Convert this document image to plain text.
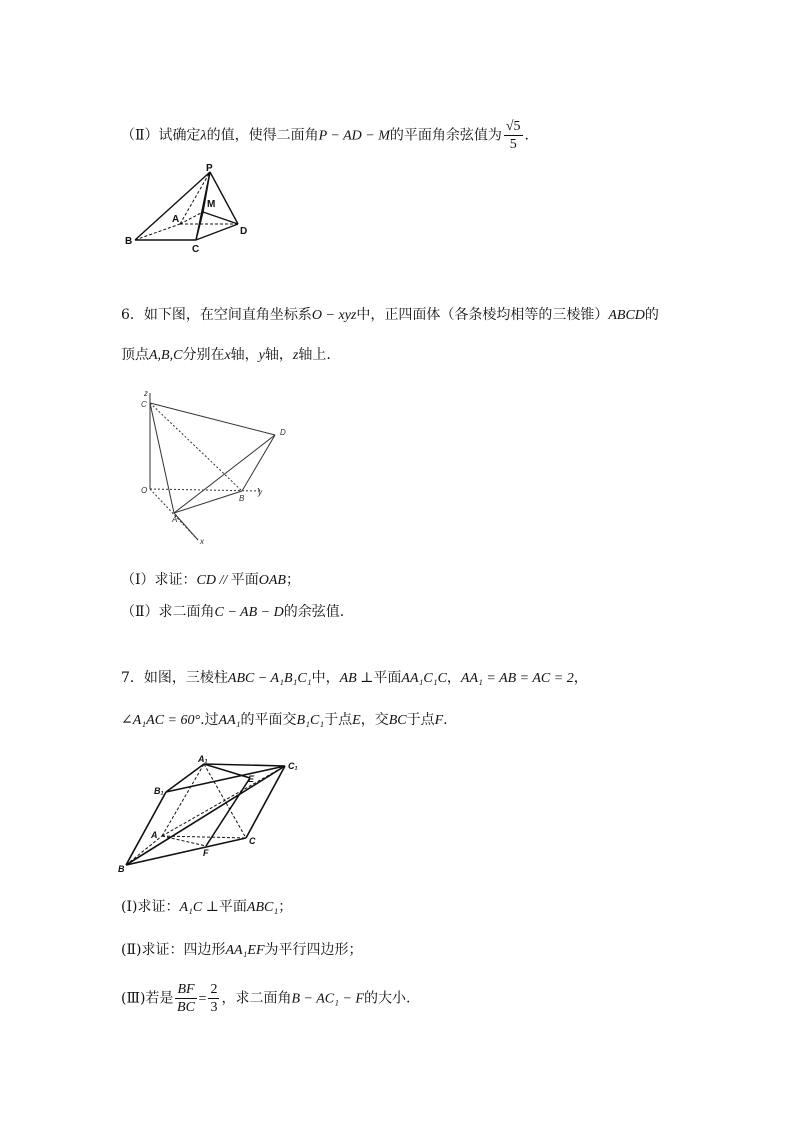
（Ⅱ）试确定λ的值，使得二面角P − AD − M的平面角余弦值为 $\frac{√5}{5}$ .
P
M
A
B
C
D
6．如下图，在空间直角坐标系O − xyz中，正四面体（各条棱均相等的三棱锥）ABCD的
顶点A,B,C分别在x轴，y轴，z轴上.
z
C
D
O
B
y
A
x
（Ⅰ）求证：CD // 平面OAB；
（Ⅱ）求二面角C − AB − D的余弦值.
7．如图，三棱柱ABC − A₁B₁C₁中，AB ⊥平面AA₁C₁C，AA₁ = AB = AC = 2，
∠A₁AC = 60°.过AA₁的平面交B₁C₁于点E，交BC于点F.
A₁
C₁
B₁
E
A
C
F
B
(Ⅰ)求证：A₁C ⊥平面ABC₁；
(Ⅱ)求证：四边形AA₁EF为平行四边形；
(Ⅲ)若是 $\frac{BF}{BC} = \frac{2}{3}$ ，求二面角B − AC₁ − F的大小.
